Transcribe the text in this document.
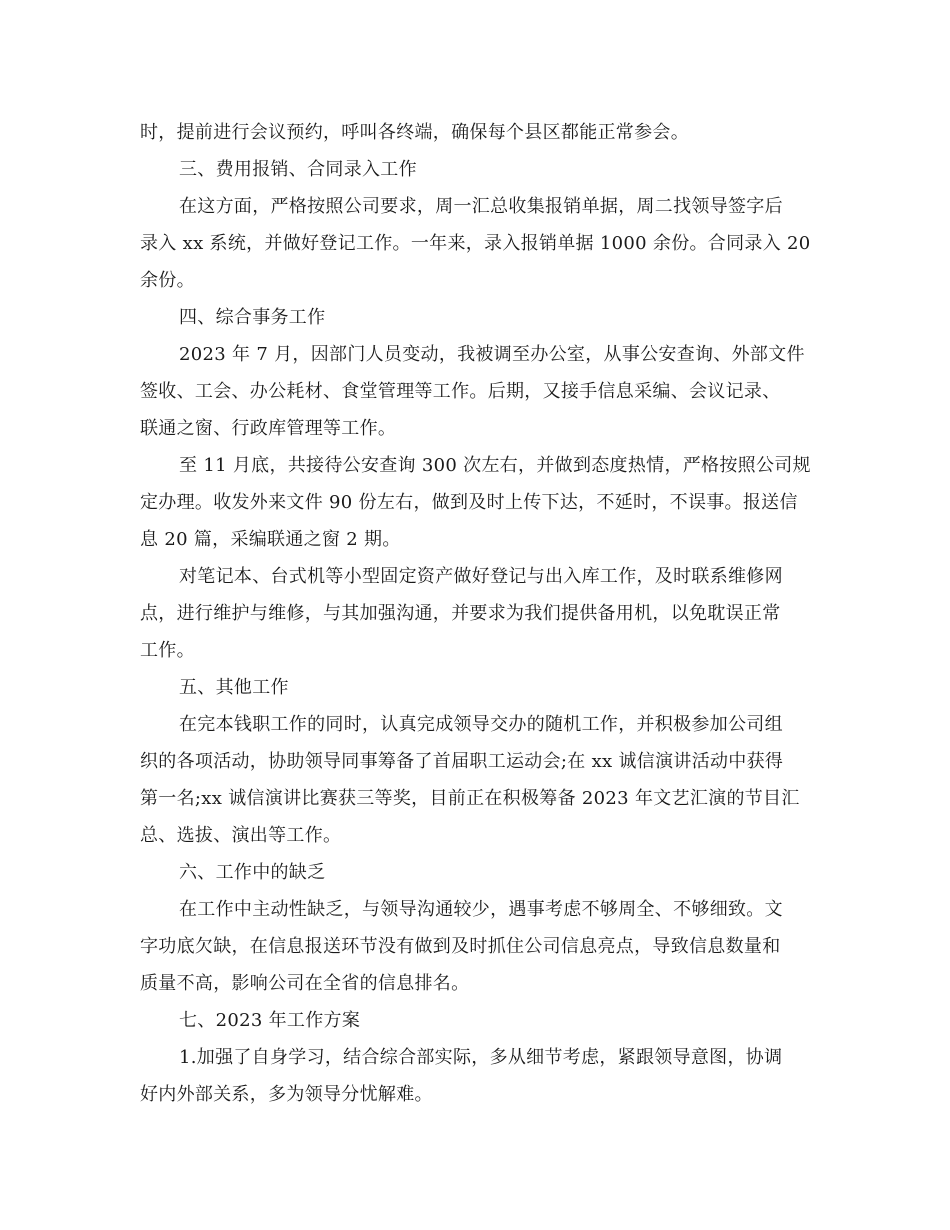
时，提前进行会议预约，呼叫各终端，确保每个县区都能正常参会。
三、费用报销、合同录入工作
在这方面，严格按照公司要求，周一汇总收集报销单据，周二找领导签字后
录入 xx 系统，并做好登记工作。一年来，录入报销单据 1000 余份。合同录入 20
余份。
四、综合事务工作
2023 年 7 月，因部门人员变动，我被调至办公室，从事公安查询、外部文件
签收、工会、办公耗材、食堂管理等工作。后期，又接手信息采编、会议记录、
联通之窗、行政库管理等工作。
至 11 月底，共接待公安查询 300 次左右，并做到态度热情，严格按照公司规
定办理。收发外来文件 90 份左右，做到及时上传下达，不延时，不误事。报送信
息 20 篇，采编联通之窗 2 期。
对笔记本、台式机等小型固定资产做好登记与出入库工作，及时联系维修网
点，进行维护与维修，与其加强沟通，并要求为我们提供备用机，以免耽误正常
工作。
五、其他工作
在完本钱职工作的同时，认真完成领导交办的随机工作，并积极参加公司组
织的各项活动，协助领导同事筹备了首届职工运动会;在 xx 诚信演讲活动中获得
第一名;xx 诚信演讲比赛获三等奖，目前正在积极筹备 2023 年文艺汇演的节目汇
总、选拔、演出等工作。
六、工作中的缺乏
在工作中主动性缺乏，与领导沟通较少，遇事考虑不够周全、不够细致。文
字功底欠缺，在信息报送环节没有做到及时抓住公司信息亮点，导致信息数量和
质量不高，影响公司在全省的信息排名。
七、2023 年工作方案
1.加强了自身学习，结合综合部实际，多从细节考虑，紧跟领导意图，协调
好内外部关系，多为领导分忧解难。
